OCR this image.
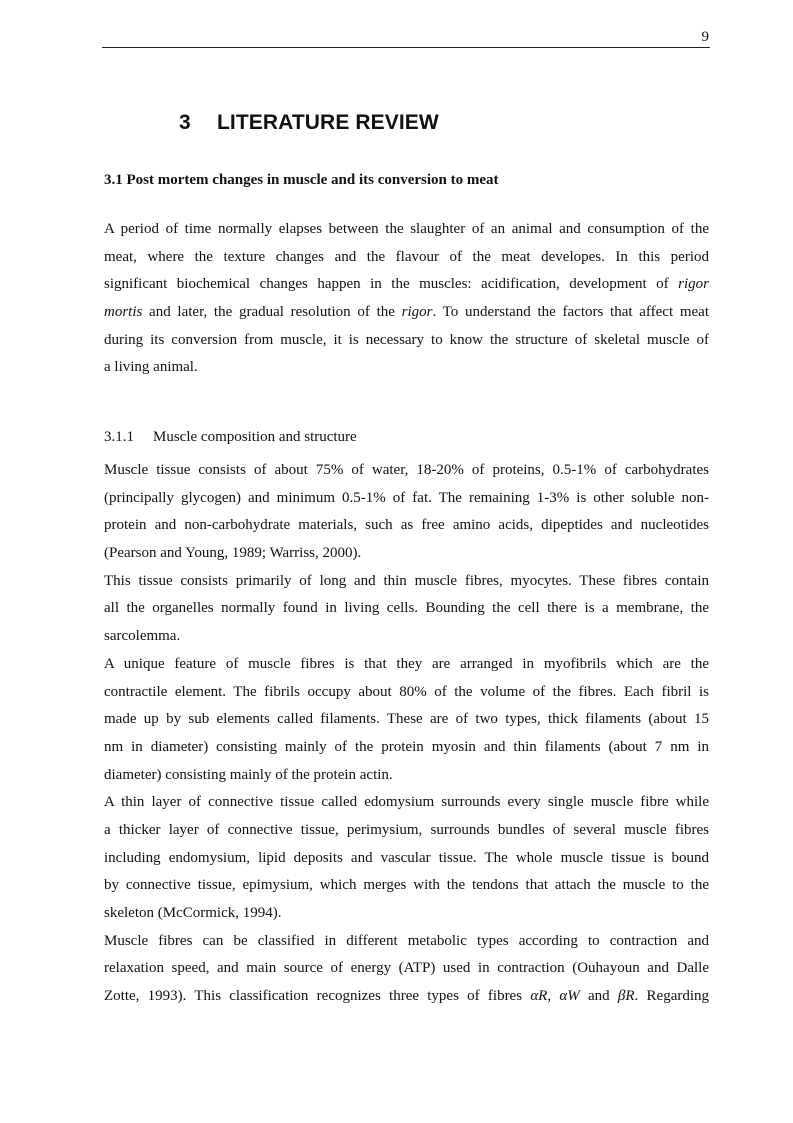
9
3 LITERATURE REVIEW
3.1 Post mortem changes in muscle and its conversion to meat
A period of time normally elapses between the slaughter of an animal and consumption of the
meat, where the texture changes and the flavour of the meat developes. In this period
significant biochemical changes happen in the muscles: acidification, development of rigor
mortis and later, the gradual resolution of the rigor. To understand the factors that affect meat
during its conversion from muscle, it is necessary to know the structure of skeletal muscle of
a living animal.
3.1.1 Muscle composition and structure
Muscle tissue consists of about 75% of water, 18-20% of proteins, 0.5-1% of carbohydrates
(principally glycogen) and minimum 0.5-1% of fat. The remaining 1-3% is other soluble non-
protein and non-carbohydrate materials, such as free amino acids, dipeptides and nucleotides
(Pearson and Young, 1989; Warriss, 2000).
This tissue consists primarily of long and thin muscle fibres, myocytes. These fibres contain
all the organelles normally found in living cells. Bounding the cell there is a membrane, the
sarcolemma.
A unique feature of muscle fibres is that they are arranged in myofibrils which are the
contractile element. The fibrils occupy about 80% of the volume of the fibres. Each fibril is
made up by sub elements called filaments. These are of two types, thick filaments (about 15
nm in diameter) consisting mainly of the protein myosin and thin filaments (about 7 nm in
diameter) consisting mainly of the protein actin.
A thin layer of connective tissue called edomysium surrounds every single muscle fibre while
a thicker layer of connective tissue, perimysium, surrounds bundles of several muscle fibres
including endomysium, lipid deposits and vascular tissue. The whole muscle tissue is bound
by connective tissue, epimysium, which merges with the tendons that attach the muscle to the
skeleton (McCormick, 1994).
Muscle fibres can be classified in different metabolic types according to contraction and
relaxation speed, and main source of energy (ATP) used in contraction (Ouhayoun and Dalle
Zotte, 1993). This classification recognizes three types of fibres αR, αW and βR. Regarding
